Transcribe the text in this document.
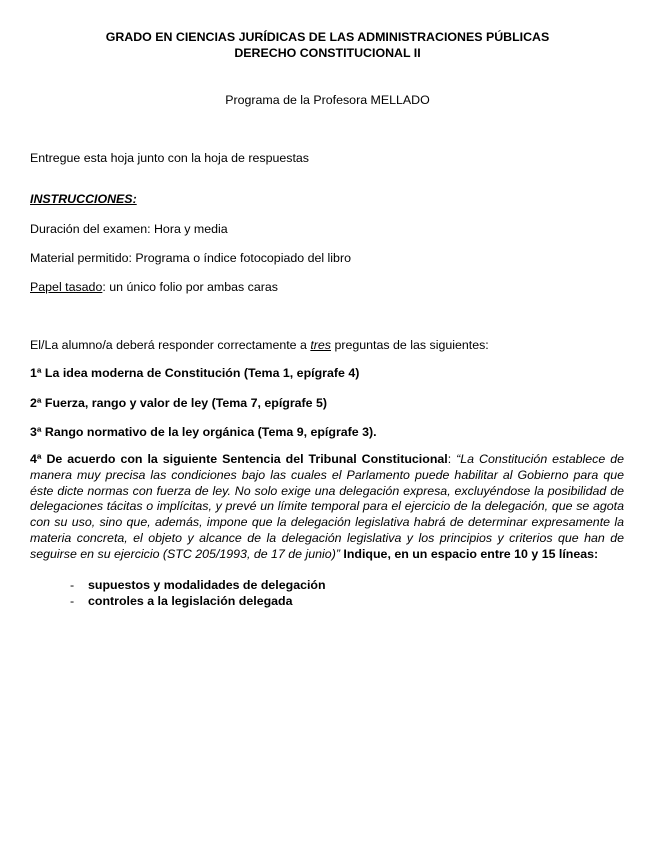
GRADO EN CIENCIAS JURÍDICAS DE LAS ADMINISTRACIONES PÚBLICAS
DERECHO CONSTITUCIONAL II
Programa de la Profesora MELLADO
Entregue esta hoja junto con la hoja de respuestas
INSTRUCCIONES:
Duración del examen: Hora y media
Material permitido: Programa o índice fotocopiado del libro
Papel tasado: un único folio por ambas caras
El/La alumno/a deberá responder correctamente a tres preguntas de las siguientes:
1ª La idea moderna de Constitución (Tema 1, epígrafe 4)
2ª Fuerza, rango y valor de ley (Tema 7, epígrafe 5)
3ª Rango normativo de la ley orgánica (Tema 9, epígrafe 3).
4ª De acuerdo con la siguiente Sentencia del Tribunal Constitucional: “La Constitución establece de manera muy precisa las condiciones bajo las cuales el Parlamento puede habilitar al Gobierno para que éste dicte normas con fuerza de ley. No solo exige una delegación expresa, excluyéndose la posibilidad de delegaciones tácitas o implícitas, y prevé un límite temporal para el ejercicio de la delegación, que se agota con su uso, sino que, además, impone que la delegación legislativa habrá de determinar expresamente la materia concreta, el objeto y alcance de la delegación legislativa y los principios y criterios que han de seguirse en su ejercicio (STC 205/1993, de 17 de junio)” Indique, en un espacio entre 10 y 15 líneas:
- supuestos y modalidades de delegación
- controles a la legislación delegada
